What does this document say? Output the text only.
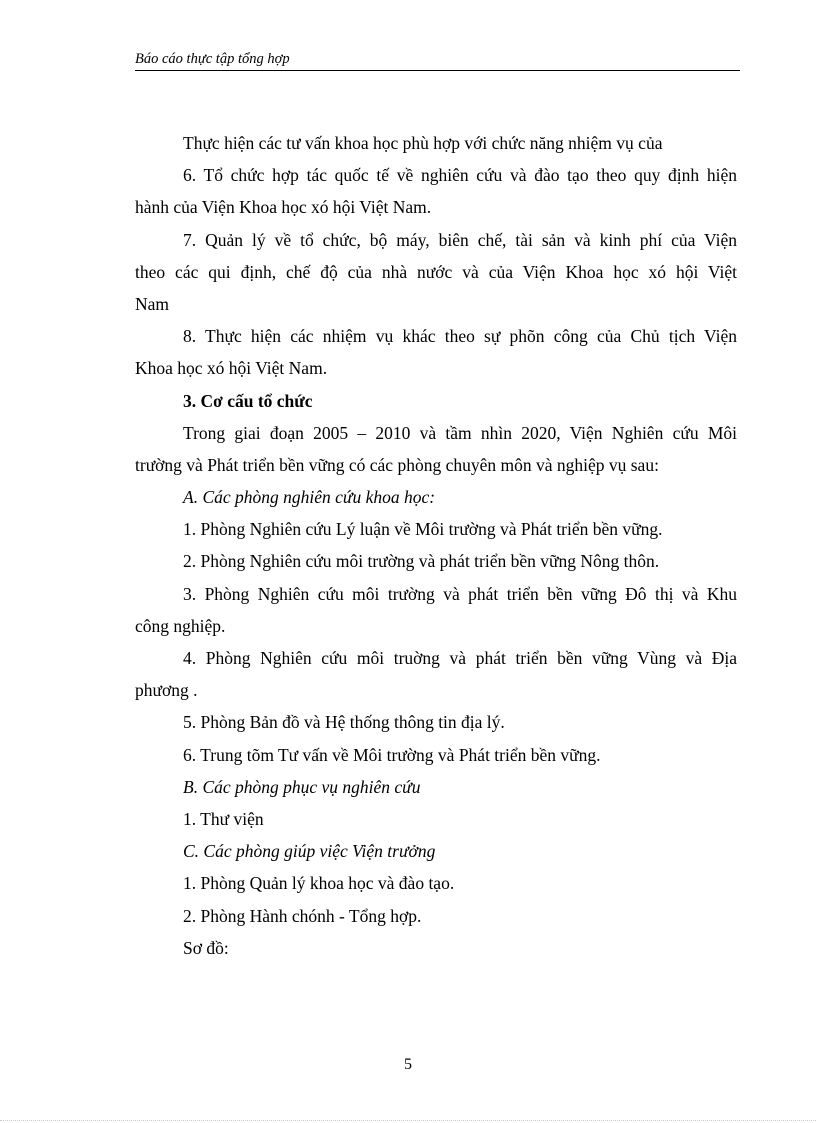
Báo cáo thực tập tổng hợp
Thực hiện các tư vấn khoa học phù hợp với chức năng nhiệm vụ của
6. Tổ chức hợp tác quốc tế về nghiên cứu và đào tạo theo quy định hiện
hành của Viện Khoa học xó hội Việt Nam.
7. Quản lý về tổ chức, bộ máy, biên chế, tài sản và kinh phí của Viện
theo các qui định, chế độ của nhà nước và của Viện Khoa học xó hội Việt
Nam
8. Thực hiện các nhiệm vụ khác theo sự phõn công của Chủ tịch Viện
Khoa học xó hội Việt Nam.
3. Cơ cấu tổ chức
Trong giai đoạn 2005 – 2010 và tầm nhìn 2020, Viện Nghiên cứu Môi
trường và Phát triển bền vững có các phòng chuyên môn và nghiệp vụ sau:
A. Các phòng nghiên cứu khoa học:
1. Phòng Nghiên cứu Lý luận về Môi trường và Phát triển bền vững.
2. Phòng Nghiên cứu môi trường và phát triển bền vững Nông thôn.
3. Phòng Nghiên cứu môi trường và phát triển bền vững Đô thị và Khu
công nghiệp.
4. Phòng Nghiên cứu môi truờng và phát triển bền vững Vùng và Địa
phương .
5. Phòng Bản đồ và Hệ thống thông tin địa lý.
6. Trung tõm Tư vấn về Môi trường và Phát triển bền vững.
B. Các phòng phục vụ nghiên cứu
1. Thư viện
C. Các phòng giúp việc Viện trưởng
1. Phòng Quản lý khoa học và đào tạo.
2. Phòng Hành chónh - Tổng hợp.
Sơ đồ:
5
